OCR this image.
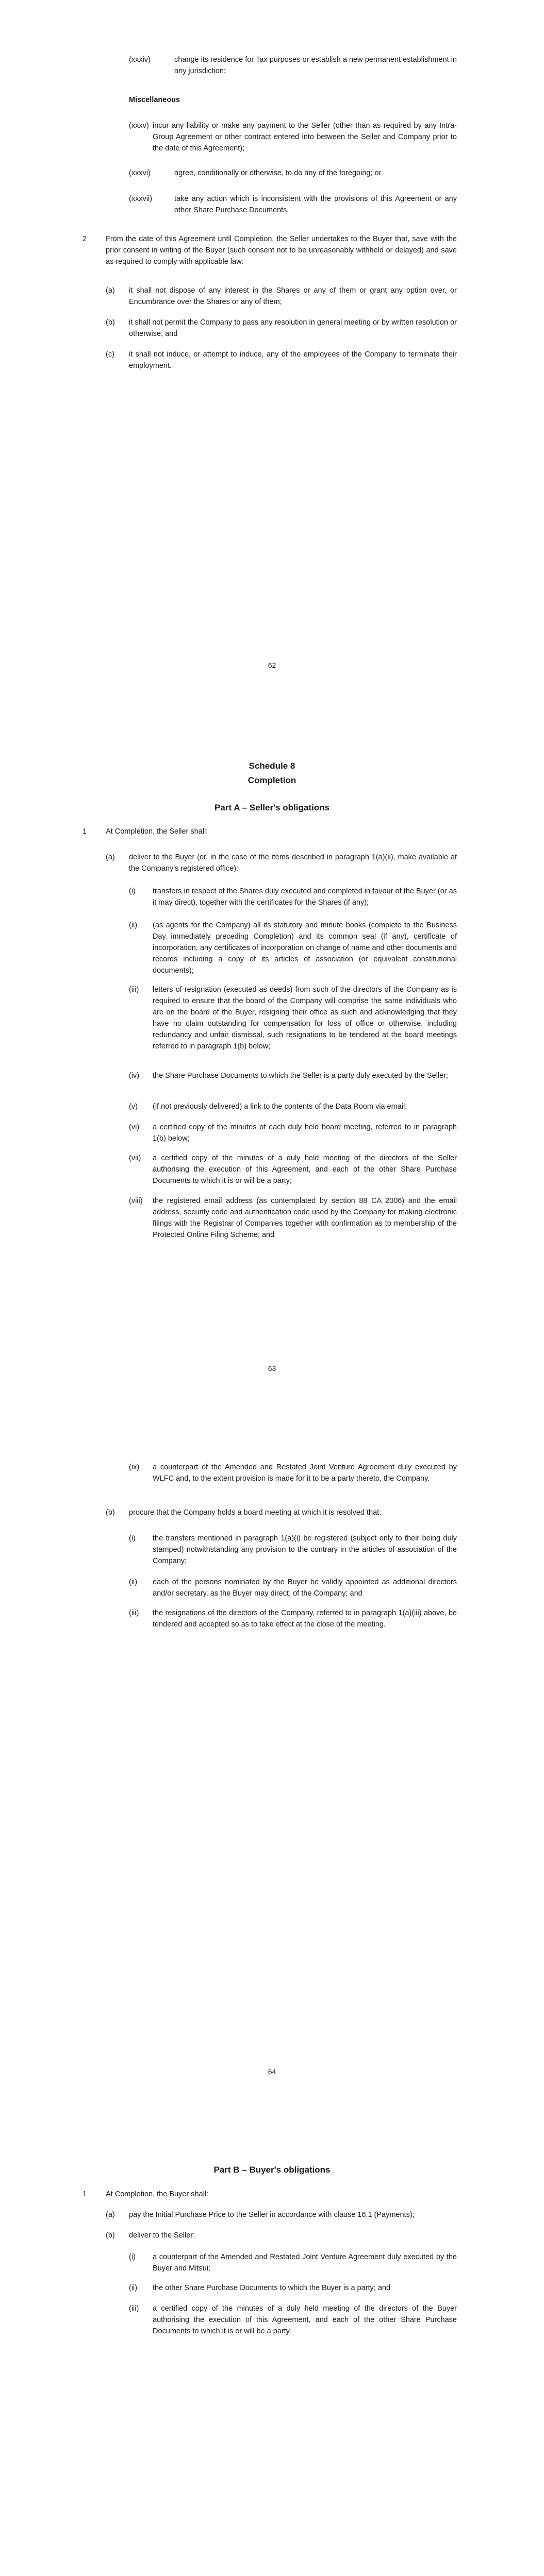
(xxxiv)	change its residence for Tax purposes or establish a new permanent establishment in any jurisdiction;
Miscellaneous
(xxxv) incur any liability or make any payment to the Seller (other than as required by any Intra-Group Agreement or other contract entered into between the Seller and Company prior to the date of this Agreement);
(xxxvi)	agree, conditionally or otherwise, to do any of the foregoing; or
(xxxvii)	take any action which is inconsistent with the provisions of this Agreement or any other Share Purchase Documents.
2	From the date of this Agreement until Completion, the Seller undertakes to the Buyer that, save with the prior consent in writing of the Buyer (such consent not to be unreasonably withheld or delayed) and save as required to comply with applicable law:
(a) it shall not dispose of any interest in the Shares or any of them or grant any option over, or Encumbrance over the Shares or any of them;
(b) it shall not permit the Company to pass any resolution in general meeting or by written resolution or otherwise; and
(c) it shall not induce, or attempt to induce, any of the employees of the Company to terminate their employment.
62
Schedule 8
Completion
Part A – Seller's obligations
1	At Completion, the Seller shall:
(a) deliver to the Buyer (or, in the case of the items described in paragraph 1(a)(ii), make available at the Company's registered office):
(i) transfers in respect of the Shares duly executed and completed in favour of the Buyer (or as it may direct), together with the certificates for the Shares (if any);
(ii) (as agents for the Company) all its statutory and minute books (complete to the Business Day immediately preceding Completion) and its common seal (if any), certificate of incorporation, any certificates of incorporation on change of name and other documents and records including a copy of its articles of association (or equivalent constitutional documents);
(iii) letters of resignation (executed as deeds) from such of the directors of the Company as is required to ensure that the board of the Company will comprise the same individuals who are on the board of the Buyer, resigning their office as such and acknowledging that they have no claim outstanding for compensation for loss of office or otherwise, including redundancy and unfair dismissal, such resignations to be tendered at the board meetings referred to in paragraph 1(b) below;
(iv) the Share Purchase Documents to which the Seller is a party duly executed by the Seller;
(v) (if not previously delivered) a link to the contents of the Data Room via email;
(vi) a certified copy of the minutes of each duly held board meeting, referred to in paragraph 1(b) below;
(vii) a certified copy of the minutes of a duly held meeting of the directors of the Seller authorising the execution of this Agreement, and each of the other Share Purchase Documents to which it is or will be a party;
(viii) the registered email address (as contemplated by section 88 CA 2006) and the email address, security code and authentication code used by the Company for making electronic filings with the Registrar of Companies together with confirmation as to membership of the Protected Online Filing Scheme; and
63
(ix) a counterpart of the Amended and Restated Joint Venture Agreement duly executed by WLFC and, to the extent provision is made for it to be a party thereto, the Company.
(b) procure that the Company holds a board meeting at which it is resolved that:
(i) the transfers mentioned in paragraph 1(a)(i) be registered (subject only to their being duly stamped) notwithstanding any provision to the contrary in the articles of association of the Company;
(ii) each of the persons nominated by the Buyer be validly appointed as additional directors and/or secretary, as the Buyer may direct, of the Company; and
(iii) the resignations of the directors of the Company, referred to in paragraph 1(a)(iii) above, be tendered and accepted so as to take effect at the close of the meeting.
64
Part B – Buyer's obligations
1	At Completion, the Buyer shall:
(a) pay the Initial Purchase Price to the Seller in accordance with clause 16.1 (Payments);
(b) deliver to the Seller:
(i) a counterpart of the Amended and Restated Joint Venture Agreement duly executed by the Buyer and Mitsui;
(ii) the other Share Purchase Documents to which the Buyer is a party; and
(iii) a certified copy of the minutes of a duly held meeting of the directors of the Buyer authorising the execution of this Agreement, and each of the other Share Purchase Documents to which it is or will be a party.
